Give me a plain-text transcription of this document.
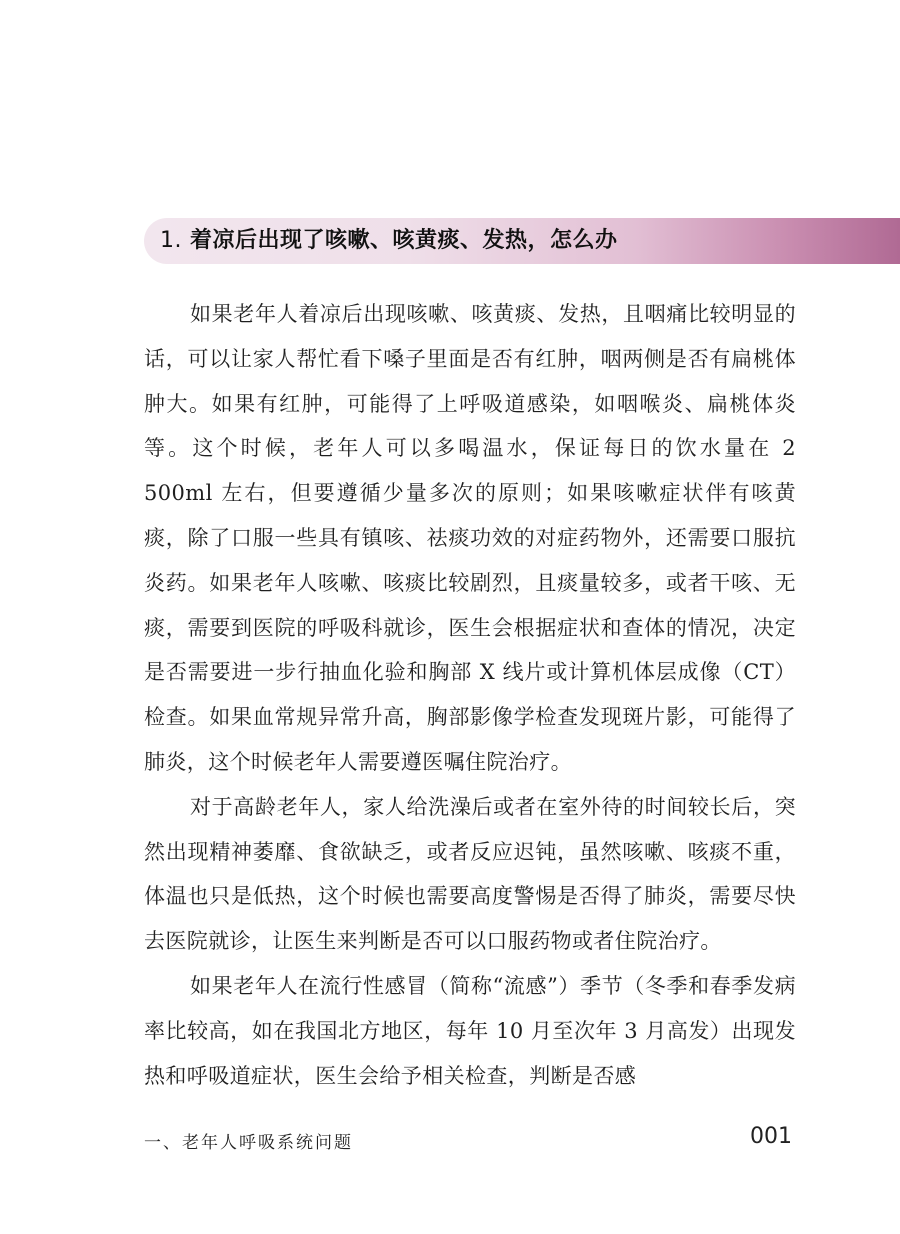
1. 着凉后出现了咳嗽、咳黄痰、发热，怎么办

如果老年人着凉后出现咳嗽、咳黄痰、发热，且咽痛比较明显的话，可以让家人帮忙看下嗓子里面是否有红肿，咽两侧是否有扁桃体肿大。如果有红肿，可能得了上呼吸道感染，如咽喉炎、扁桃体炎等。这个时候，老年人可以多喝温水，保证每日的饮水量在 2 500ml 左右，但要遵循少量多次的原则；如果咳嗽症状伴有咳黄痰，除了口服一些具有镇咳、祛痰功效的对症药物外，还需要口服抗炎药。如果老年人咳嗽、咳痰比较剧烈，且痰量较多，或者干咳、无痰，需要到医院的呼吸科就诊，医生会根据症状和查体的情况，决定是否需要进一步行抽血化验和胸部 X 线片或计算机体层成像（CT）检查。如果血常规异常升高，胸部影像学检查发现斑片影，可能得了肺炎，这个时候老年人需要遵医嘱住院治疗。

对于高龄老年人，家人给洗澡后或者在室外待的时间较长后，突然出现精神萎靡、食欲缺乏，或者反应迟钝，虽然咳嗽、咳痰不重，体温也只是低热，这个时候也需要高度警惕是否得了肺炎，需要尽快去医院就诊，让医生来判断是否可以口服药物或者住院治疗。

如果老年人在流行性感冒（简称“流感”）季节（冬季和春季发病率比较高，如在我国北方地区，每年 10 月至次年 3 月高发）出现发热和呼吸道症状，医生会给予相关检查，判断是否感

一、老年人呼吸系统问题	001
